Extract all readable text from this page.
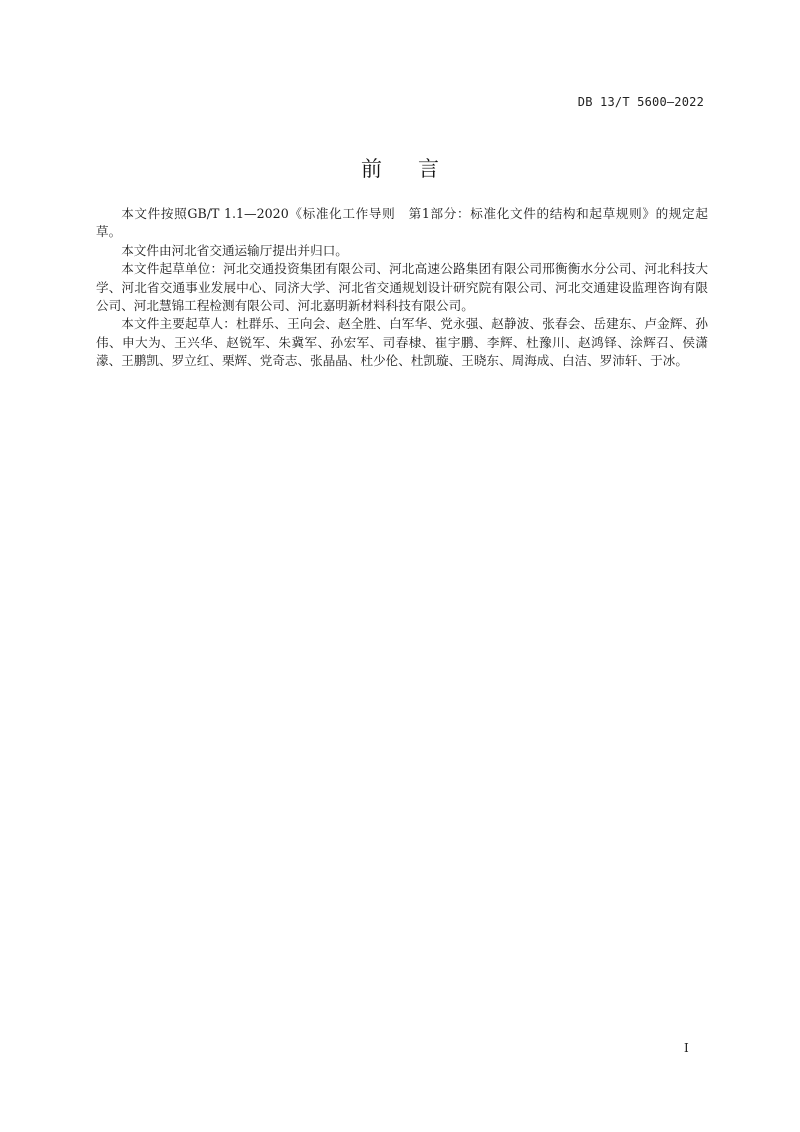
DB 13/T 5600—2022
前言

本文件按照GB/T 1.1—2020《标准化工作导则　第1部分：标准化文件的结构和起草规则》的规定起草。

本文件由河北省交通运输厅提出并归口。

本文件起草单位：河北交通投资集团有限公司、河北高速公路集团有限公司邢衡衡水分公司、河北科技大学、河北省交通事业发展中心、同济大学、河北省交通规划设计研究院有限公司、河北交通建设监理咨询有限公司、河北慧锦工程检测有限公司、河北嘉明新材料科技有限公司。

本文件主要起草人：杜群乐、王向会、赵全胜、白军华、党永强、赵静波、张春会、岳建东、卢金辉、孙伟、申大为、王兴华、赵锐军、朱冀军、孙宏军、司春棣、崔宇鹏、李辉、杜豫川、赵鸿铎、涂辉召、侯潇濛、王鹏凯、罗立红、栗辉、党奇志、张晶晶、杜少伦、杜凯璇、王晓东、周海成、白洁、罗沛轩、于冰。

I
